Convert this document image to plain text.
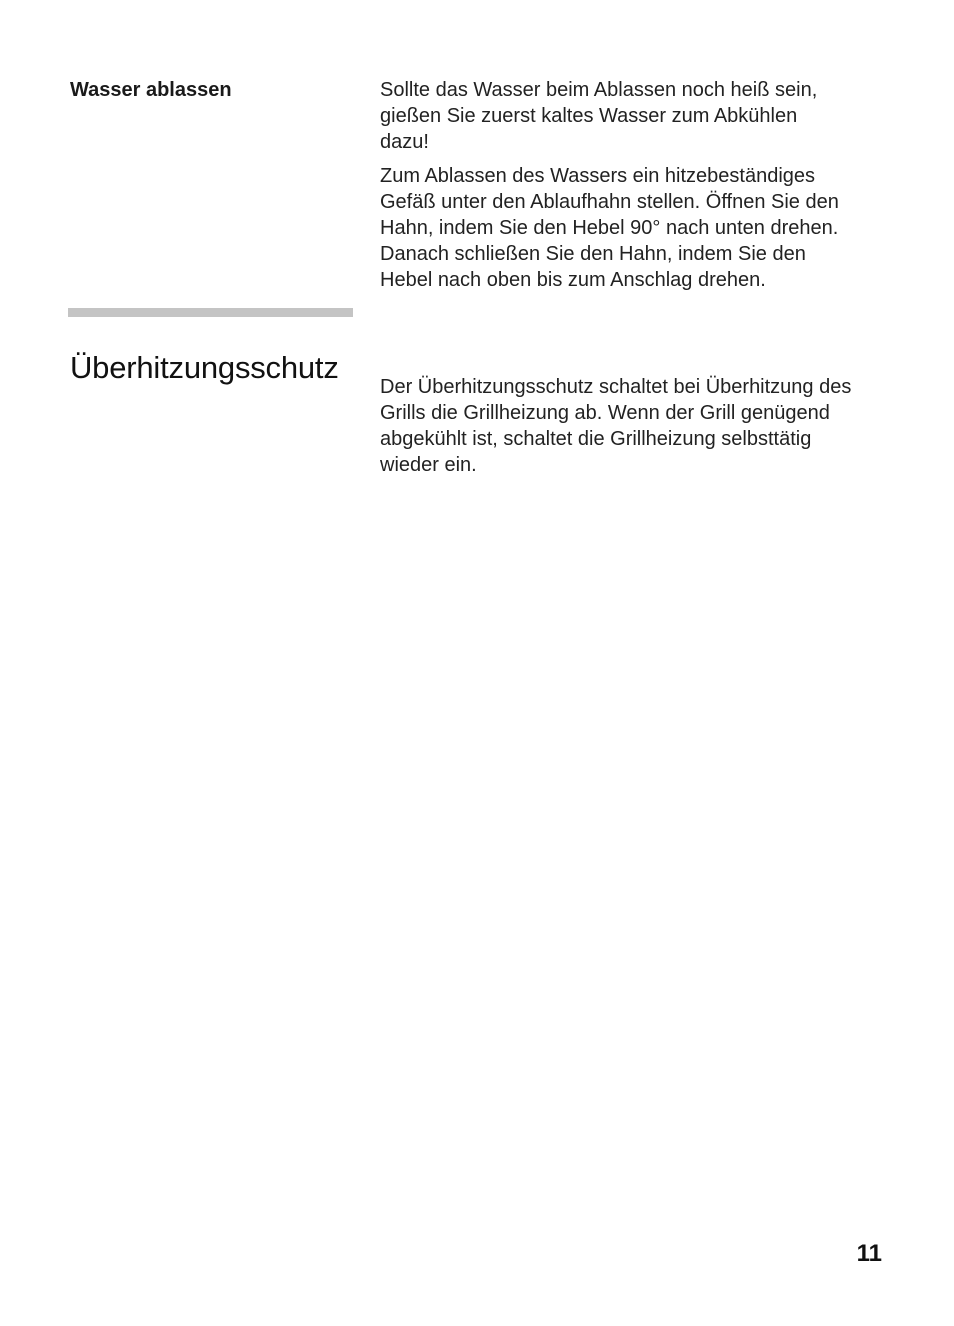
Wasser ablassen	Sollte das Wasser beim Ablassen noch heiß sein,
gießen Sie zuerst kaltes Wasser zum Abkühlen
dazu!

Zum Ablassen des Wassers ein hitzebeständiges
Gefäß unter den Ablaufhahn stellen. Öffnen Sie den
Hahn, indem Sie den Hebel 90° nach unten drehen.
Danach schließen Sie den Hahn, indem Sie den
Hebel nach oben bis zum Anschlag drehen.

Überhitzungsschutz

Der Überhitzungsschutz schaltet bei Überhitzung des
Grills die Grillheizung ab. Wenn der Grill genügend
abgekühlt ist, schaltet die Grillheizung selbsttätig
wieder ein.

11
